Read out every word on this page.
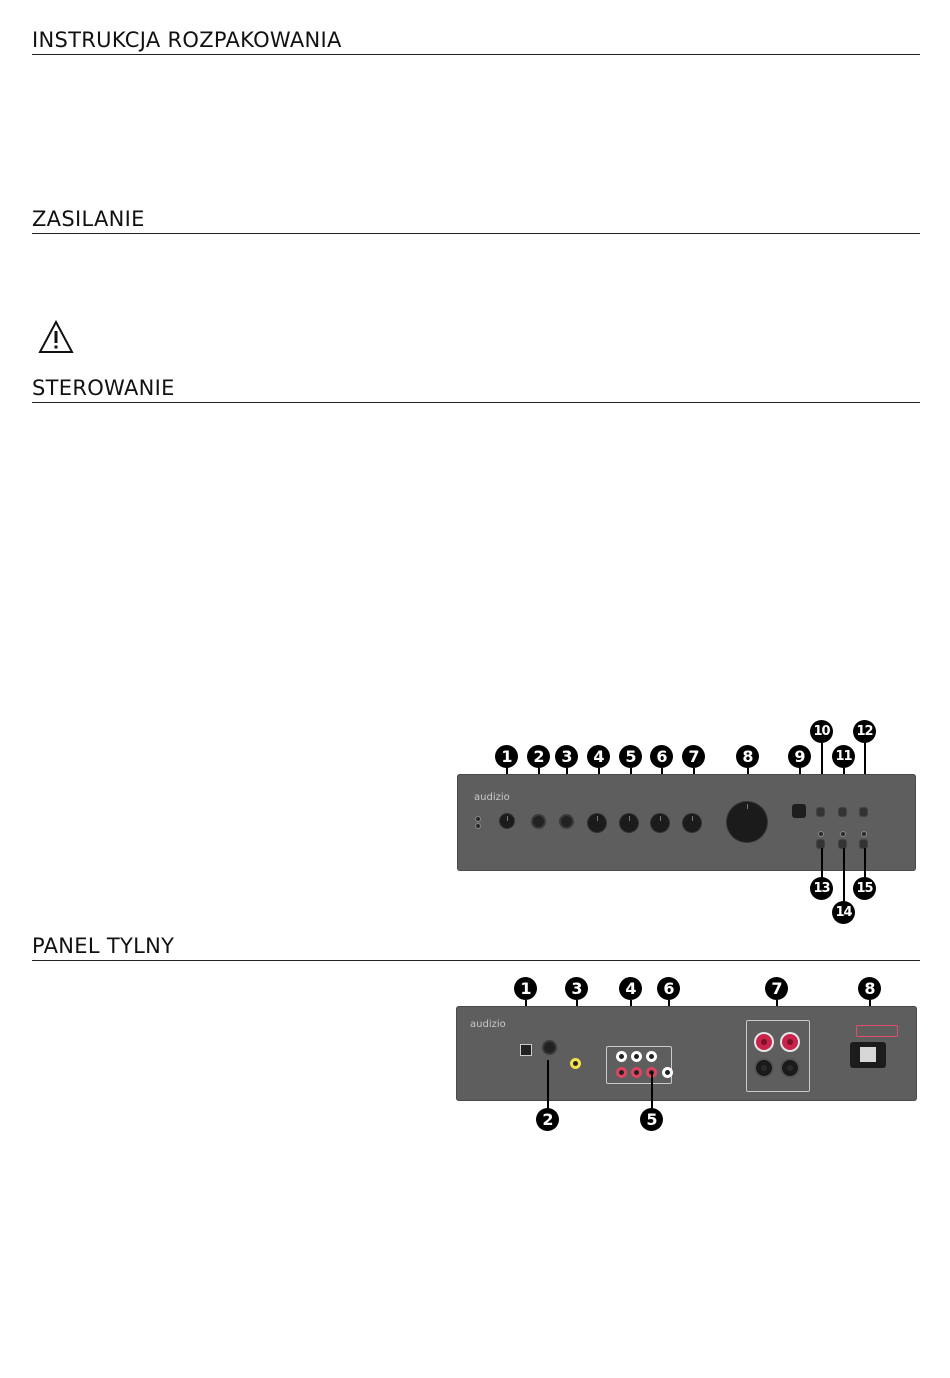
INSTRUKCJA ROZPAKOWANIA
ZASILANIE
STEROWANIE
1	2	3	4	5	6	7	8	9
10
11
12
audizio
13
14
15
PANEL TYLNY
1	3	4	6	7	8
audizio
2	5
